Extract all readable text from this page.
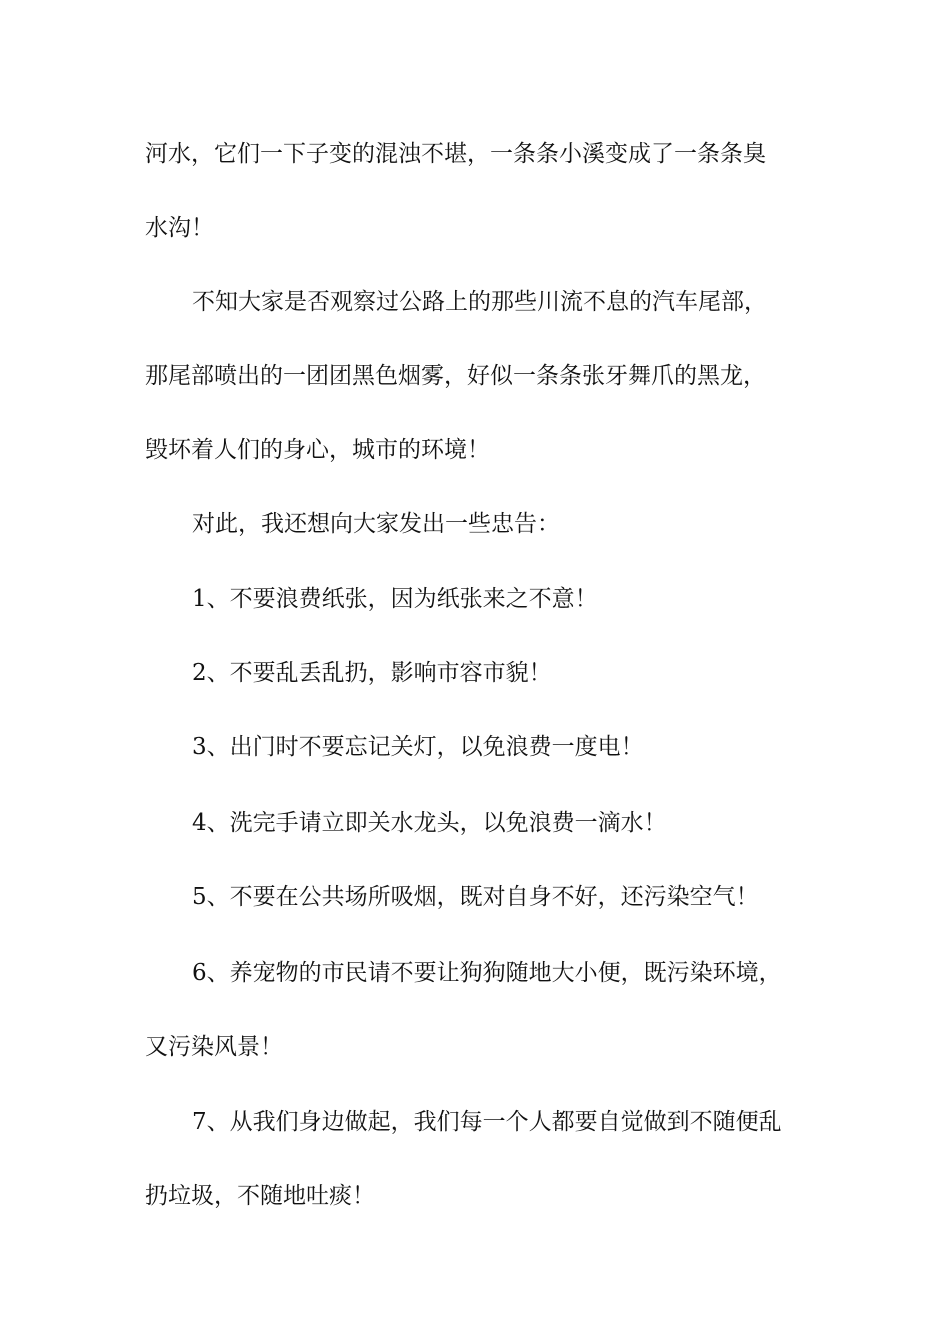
河水，它们一下子变的混浊不堪，一条条小溪变成了一条条臭
水沟！
不知大家是否观察过公路上的那些川流不息的汽车尾部，
那尾部喷出的一团团黑色烟雾，好似一条条张牙舞爪的黑龙，
毁坏着人们的身心，城市的环境！
对此，我还想向大家发出一些忠告：
1、不要浪费纸张，因为纸张来之不意！
2、不要乱丢乱扔，影响市容市貌！
3、出门时不要忘记关灯，以免浪费一度电！
4、洗完手请立即关水龙头，以免浪费一滴水！
5、不要在公共场所吸烟，既对自身不好，还污染空气！
6、养宠物的市民请不要让狗狗随地大小便，既污染环境，
又污染风景！
7、从我们身边做起，我们每一个人都要自觉做到不随便乱
扔垃圾，不随地吐痰！
